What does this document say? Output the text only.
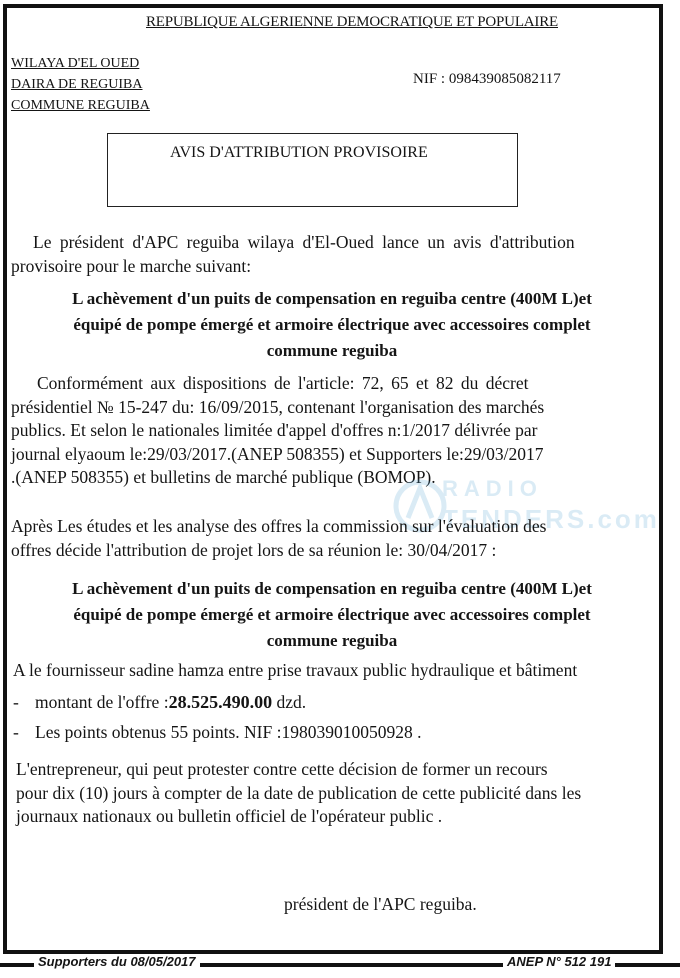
REPUBLIQUE ALGERIENNE DEMOCRATIQUE ET POPULAIRE
WILAYA D'EL OUED
DAIRA DE REGUIBA
COMMUNE REGUIBA
NIF : 098439085082117
AVIS D'ATTRIBUTION PROVISOIRE
Le président d'APC reguiba wilaya d'El-Oued lance un avis d'attribution
provisoire pour le marche suivant:
L achèvement d'un puits de compensation en reguiba centre (400M L)et
équipé de pompe émergé et armoire électrique avec accessoires complet
commune reguiba
Conformément aux dispositions de l'article: 72, 65 et 82 du décret
présidentiel № 15-247 du: 16/09/2015, contenant l'organisation des marchés
publics. Et selon le nationales limitée d'appel d'offres n:1/2017 délivrée par
journal elyaoum le:29/03/2017.(ANEP 508355) et Supporters le:29/03/2017
.(ANEP 508355) et bulletins de marché publique (BOMOP). RADIO
TENDERS.com
Après Les études et les analyse des offres la commission sur l'évaluation des
offres décide l'attribution de projet lors de sa réunion le: 30/04/2017 :
L achèvement d'un puits de compensation en reguiba centre (400M L)et
équipé de pompe émergé et armoire électrique avec accessoires complet
commune reguiba
A le fournisseur sadine hamza entre prise travaux public hydraulique et bâtiment
- montant de l'offre :28.525.490.00 dzd.
- Les points obtenus 55 points. NIF :198039010050928 .
L'entrepreneur, qui peut protester contre cette décision de former un recours
pour dix (10) jours à compter de la date de publication de cette publicité dans les
journaux nationaux ou bulletin officiel de l'opérateur public .
président de l'APC reguiba.
Supporters du 08/05/2017	ANEP N° 512 191
